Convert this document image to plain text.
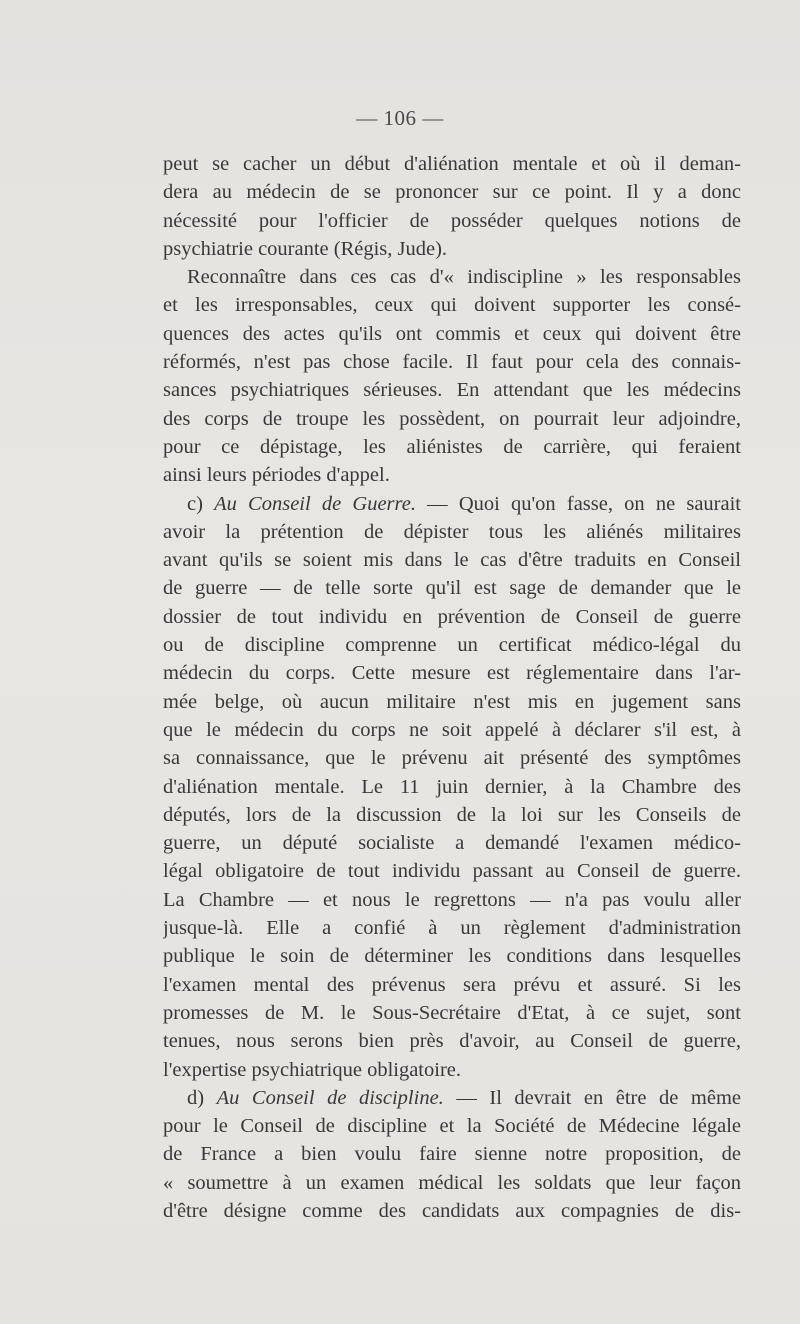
— 106 —
peut se cacher un début d'aliénation mentale et où il deman-
dera au médecin de se prononcer sur ce point. Il y a donc
nécessité pour l'officier de posséder quelques notions de
psychiatrie courante (Régis, Jude).
Reconnaître dans ces cas d'« indiscipline » les responsables
et les irresponsables, ceux qui doivent supporter les consé-
quences des actes qu'ils ont commis et ceux qui doivent être
réformés, n'est pas chose facile. Il faut pour cela des connais-
sances psychiatriques sérieuses. En attendant que les médecins
des corps de troupe les possèdent, on pourrait leur adjoindre,
pour ce dépistage, les aliénistes de carrière, qui feraient
ainsi leurs périodes d'appel.
c) Au Conseil de Guerre. — Quoi qu'on fasse, on ne saurait
avoir la prétention de dépister tous les aliénés militaires
avant qu'ils se soient mis dans le cas d'être traduits en Conseil
de guerre — de telle sorte qu'il est sage de demander que le
dossier de tout individu en prévention de Conseil de guerre
ou de discipline comprenne un certificat médico-légal du
médecin du corps. Cette mesure est réglementaire dans l'ar-
mée belge, où aucun militaire n'est mis en jugement sans
que le médecin du corps ne soit appelé à déclarer s'il est, à
sa connaissance, que le prévenu ait présenté des symptômes
d'aliénation mentale. Le 11 juin dernier, à la Chambre des
députés, lors de la discussion de la loi sur les Conseils de
guerre, un député socialiste a demandé l'examen médico-
légal obligatoire de tout individu passant au Conseil de guerre.
La Chambre — et nous le regrettons — n'a pas voulu aller
jusque-là. Elle a confié à un règlement d'administration
publique le soin de déterminer les conditions dans lesquelles
l'examen mental des prévenus sera prévu et assuré. Si les
promesses de M. le Sous-Secrétaire d'Etat, à ce sujet, sont
tenues, nous serons bien près d'avoir, au Conseil de guerre,
l'expertise psychiatrique obligatoire.
d) Au Conseil de discipline. — Il devrait en être de même
pour le Conseil de discipline et la Société de Médecine légale
de France a bien voulu faire sienne notre proposition, de
« soumettre à un examen médical les soldats que leur façon
d'être désigne comme des candidats aux compagnies de dis-
